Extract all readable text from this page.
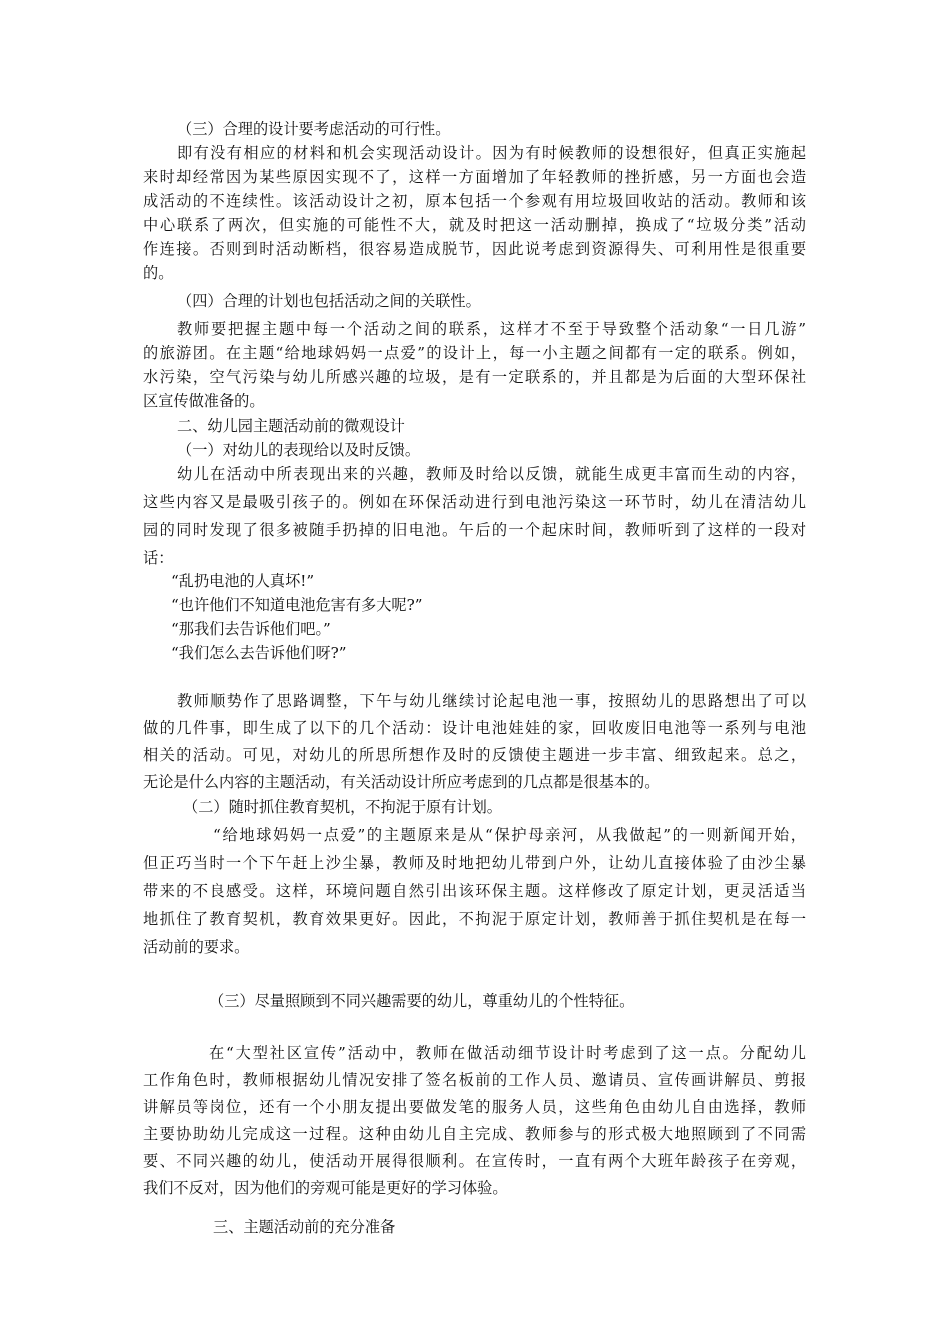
（三）合理的设计要考虑活动的可行性。
即有没有相应的材料和机会实现活动设计。因为有时候教师的设想很好，但真正实施起
来时却经常因为某些原因实现不了，这样一方面增加了年轻教师的挫折感，另一方面也会造
成活动的不连续性。该活动设计之初，原本包括一个参观有用垃圾回收站的活动。教师和该
中心联系了两次，但实施的可能性不大，就及时把这一活动删掉，换成了“垃圾分类”活动
作连接。否则到时活动断档，很容易造成脱节，因此说考虑到资源得失、可利用性是很重要
的。
（四）合理的计划也包括活动之间的关联性。
教师要把握主题中每一个活动之间的联系，这样才不至于导致整个活动象“一日几游”
的旅游团。在主题“给地球妈妈一点爱”的设计上，每一小主题之间都有一定的联系。例如，
水污染，空气污染与幼儿所感兴趣的垃圾，是有一定联系的，并且都是为后面的大型环保社
区宣传做准备的。
二、幼儿园主题活动前的微观设计
（一）对幼儿的表现给以及时反馈。
幼儿在活动中所表现出来的兴趣，教师及时给以反馈，就能生成更丰富而生动的内容，
这些内容又是最吸引孩子的。例如在环保活动进行到电池污染这一环节时，幼儿在清洁幼儿
园的同时发现了很多被随手扔掉的旧电池。午后的一个起床时间，教师听到了这样的一段对
话：
“乱扔电池的人真坏!”
“也许他们不知道电池危害有多大呢?”
“那我们去告诉他们吧。”
“我们怎么去告诉他们呀?”
教师顺势作了思路调整，下午与幼儿继续讨论起电池一事，按照幼儿的思路想出了可以
做的几件事，即生成了以下的几个活动：设计电池娃娃的家，回收废旧电池等一系列与电池
相关的活动。可见，对幼儿的所思所想作及时的反馈使主题进一步丰富、细致起来。总之，
无论是什么内容的主题活动，有关活动设计所应考虑到的几点都是很基本的。
（二）随时抓住教育契机，不拘泥于原有计划。
“给地球妈妈一点爱”的主题原来是从“保护母亲河，从我做起”的一则新闻开始，
但正巧当时一个下午赶上沙尘暴，教师及时地把幼儿带到户外，让幼儿直接体验了由沙尘暴
带来的不良感受。这样，环境问题自然引出该环保主题。这样修改了原定计划，更灵活适当
地抓住了教育契机，教育效果更好。因此，不拘泥于原定计划，教师善于抓住契机是在每一
活动前的要求。
（三）尽量照顾到不同兴趣需要的幼儿，尊重幼儿的个性特征。
在“大型社区宣传”活动中，教师在做活动细节设计时考虑到了这一点。分配幼儿
工作角色时，教师根据幼儿情况安排了签名板前的工作人员、邀请员、宣传画讲解员、剪报
讲解员等岗位，还有一个小朋友提出要做发笔的服务人员，这些角色由幼儿自由选择，教师
主要协助幼儿完成这一过程。这种由幼儿自主完成、教师参与的形式极大地照顾到了不同需
要、不同兴趣的幼儿，使活动开展得很顺利。在宣传时，一直有两个大班年龄孩子在旁观，
我们不反对，因为他们的旁观可能是更好的学习体验。
三、主题活动前的充分准备
